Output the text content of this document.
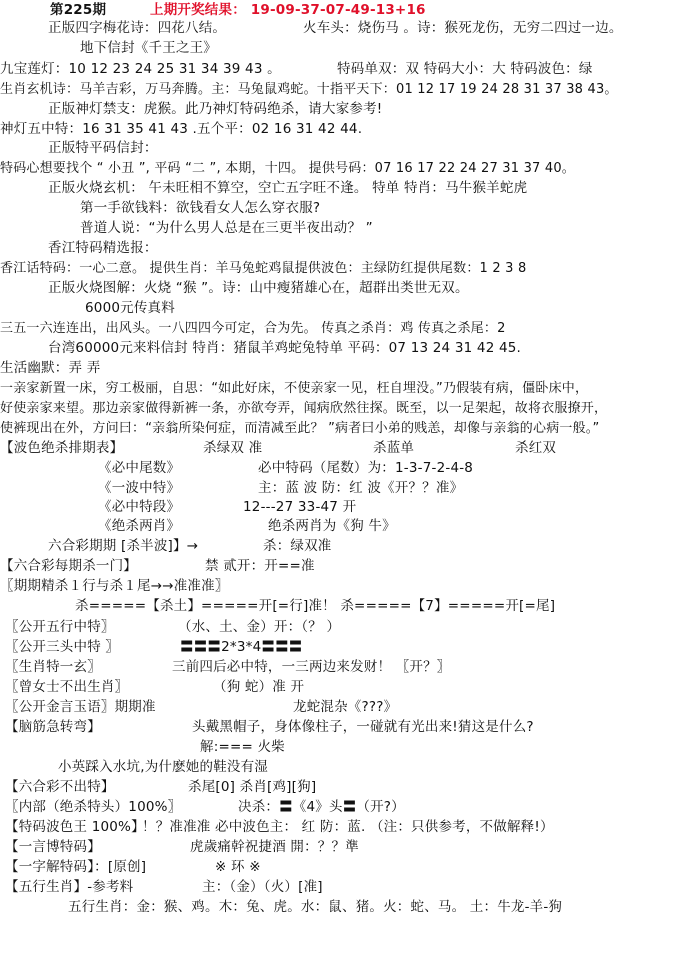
第225期	上期开奖结果： 19-09-37-07-49-13+16
正版四字梅花诗：四花八结。	火车头：烧伤马 。诗：猴死龙伤，无穷二四过一边。
地下信封《千王之王》
九宝莲灯：10 12 23 24 25 31 34 39 43 。	特码单双：双 特码大小：大 特码波色：绿
生肖玄机诗：马羊吉彩，万马奔腾。主：马兔鼠鸡蛇。十指平天下：01 12 17 19 24 28 31 37 38 43。
正版神灯禁支：虎猴。此乃神灯特码绝杀，请大家参考!
神灯五中特：16 31 35 41 43 .五个平：02 16 31 42 44.
正版特平码信封：
特码心想要找个 “ 小丑 ”, 平码 “二 ”, 本期，十四。 提供号码：07 16 17 22 24 27 31 37 40。
正版火烧玄机： 午未旺相不算空，空亡五字旺不逢。 特单 特肖：马牛猴羊蛇虎
第一手欲钱料：欲钱看女人怎么穿衣服?
普道人说：“为什么男人总是在三更半夜出动？ ”
香江特码精选报：
香江话特码：一心二意。 提供生肖：羊马兔蛇鸡鼠提供波色：主绿防红提供尾数：1 2 3 8
正版火烧图解：火烧 “猴 ”。诗：山中瘦猪雄心在，超群出类世无双。
6000元传真料
三五一六连连出，出风头。一八四四今可定，合为先。 传真之杀肖：鸡 传真之杀尾：2
台湾60000元来料信封 特肖：猪鼠羊鸡蛇兔特单 平码：07 13 24 31 42 45.
生活幽默：弄 弄
一亲家新置一床，穷工极丽，自思：“如此好床，不使亲家一见，枉自埋没。”乃假装有病，僵卧床中，
好使亲家来望。那边亲家做得新裤一条，亦欲夸弄，闻病欣然往探。既至，以一足架起，故将衣服撩开，
使裤现出在外，方问曰：“亲翁所染何症，而清减至此？ ”病者曰小弟的贱恙，却像与亲翁的心病一般。”
【波色绝杀排期表】	杀绿双 准	杀蓝单	杀红双
《必中尾数》	必中特码（尾数）为：1-3-7-2-4-8
《一波中特》	主：蓝 波 防：红 波《开？？准》
《必中特段》	12---27 33-47 开
《绝杀两肖》	绝杀两肖为《狗 牛》
六合彩期期 [杀半波]】→	杀：绿双准
【六合彩每期杀一门】	禁 贰开：开==准
〖期期精杀１行与杀１尾→→准准准〗
杀=====【杀土】=====开[=行]准！ 杀=====【7】=====开[=尾]
〖公开五行中特〗	（水、土、金）开：（？ ）
〖公开三头中特 〗	〓〓〓2*3*4〓〓〓
〖生肖特一玄〗	三前四后必中特，一三两边来发财！ 〖开？〗
〖曾女士不出生肖〗	（狗 蛇）准 开
〖公开金言玉语〗期期准	龙蛇混杂《???》
【脑筋急转弯】	头戴黑帽子，身体像柱子，一碰就有光出来!猜这是什么?
解:=== 火柴
小英踩入水坑,为什麽她的鞋没有湿
【六合彩不出特】	杀尾[0] 杀肖[鸡][狗]
〖内部（绝杀特头）100%〗	决杀：〓《4》头〓（开?）
【特码波色王 100%】
！？准准准 必中波色主： 红 防：蓝. （注：只供参考，不做解释!）
【一言博特码】	虎歲痛幹祝捷酒 開：？？準
【一字解特码】：[原创]	※ 环 ※
【五行生肖】-参考料	主：（金）（火）[准]
五行生肖：金：猴、鸡。木：兔、虎。水：鼠、猪。火：蛇、马。 土：牛龙-羊-狗
